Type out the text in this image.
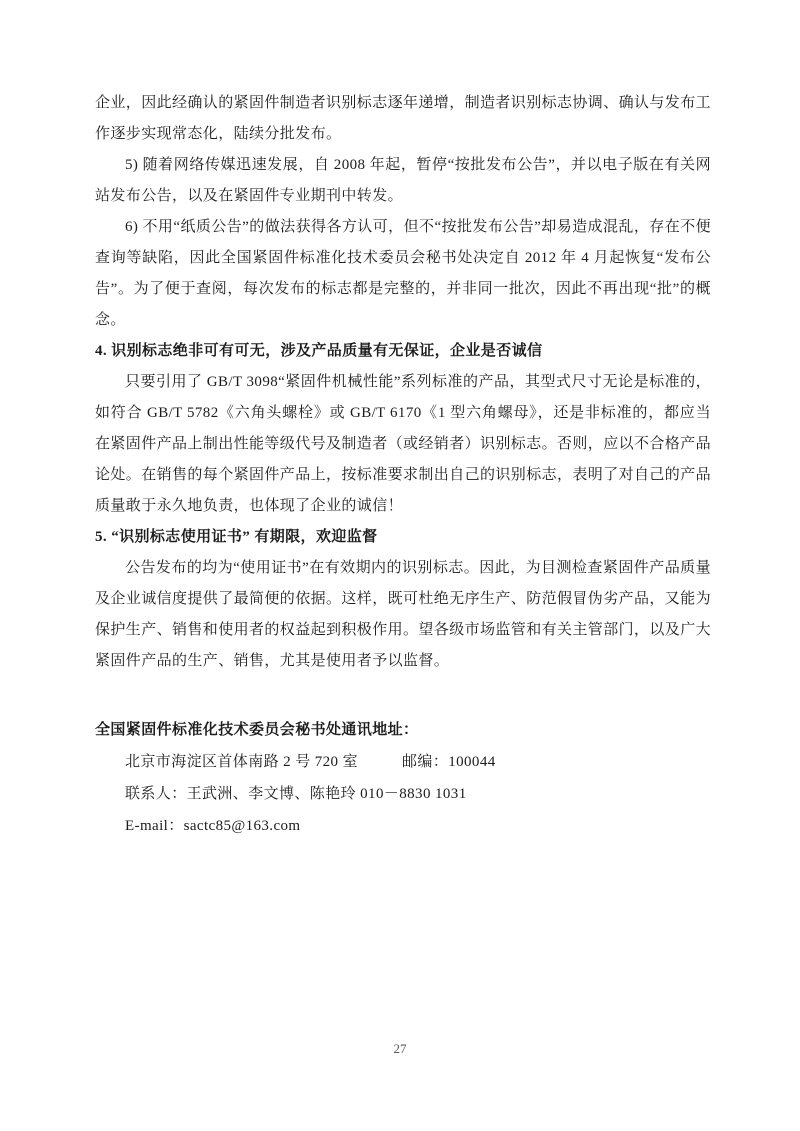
企业，因此经确认的紧固件制造者识别标志逐年递增，制造者识别标志协调、确认与发布工作逐步实现常态化，陆续分批发布。

5) 随着网络传媒迅速发展，自 2008 年起，暂停“按批发布公告”，并以电子版在有关网站发布公告，以及在紧固件专业期刊中转发。

6) 不用“纸质公告”的做法获得各方认可，但不“按批发布公告”却易造成混乱，存在不便查询等缺陷，因此全国紧固件标准化技术委员会秘书处决定自 2012 年 4 月起恢复“发布公告”。为了便于查阅，每次发布的标志都是完整的，并非同一批次，因此不再出现“批”的概念。

4. 识别标志绝非可有可无，涉及产品质量有无保证，企业是否诚信

只要引用了 GB/T 3098“紧固件机械性能”系列标准的产品，其型式尺寸无论是标准的，如符合 GB/T 5782《六角头螺栓》或 GB/T 6170《1 型六角螺母》，还是非标准的，都应当在紧固件产品上制出性能等级代号及制造者（或经销者）识别标志。否则，应以不合格产品论处。在销售的每个紧固件产品上，按标准要求制出自己的识别标志，表明了对自己的产品质量敢于永久地负责，也体现了企业的诚信！

5. “识别标志使用证书” 有期限，欢迎监督

公告发布的均为“使用证书”在有效期内的识别标志。因此，为目测检查紧固件产品质量及企业诚信度提供了最简便的依据。这样，既可杜绝无序生产、防范假冒伪劣产品，又能为保护生产、销售和使用者的权益起到积极作用。望各级市场监管和有关主管部门，以及广大紧固件产品的生产、销售，尤其是使用者予以监督。

全国紧固件标准化技术委员会秘书处通讯地址：

北京市海淀区首体南路 2 号 720 室	邮编：100044

联系人：王武洲、李文博、陈艳玲 010－8830 1031

E-mail：sactc85@163.com

27
